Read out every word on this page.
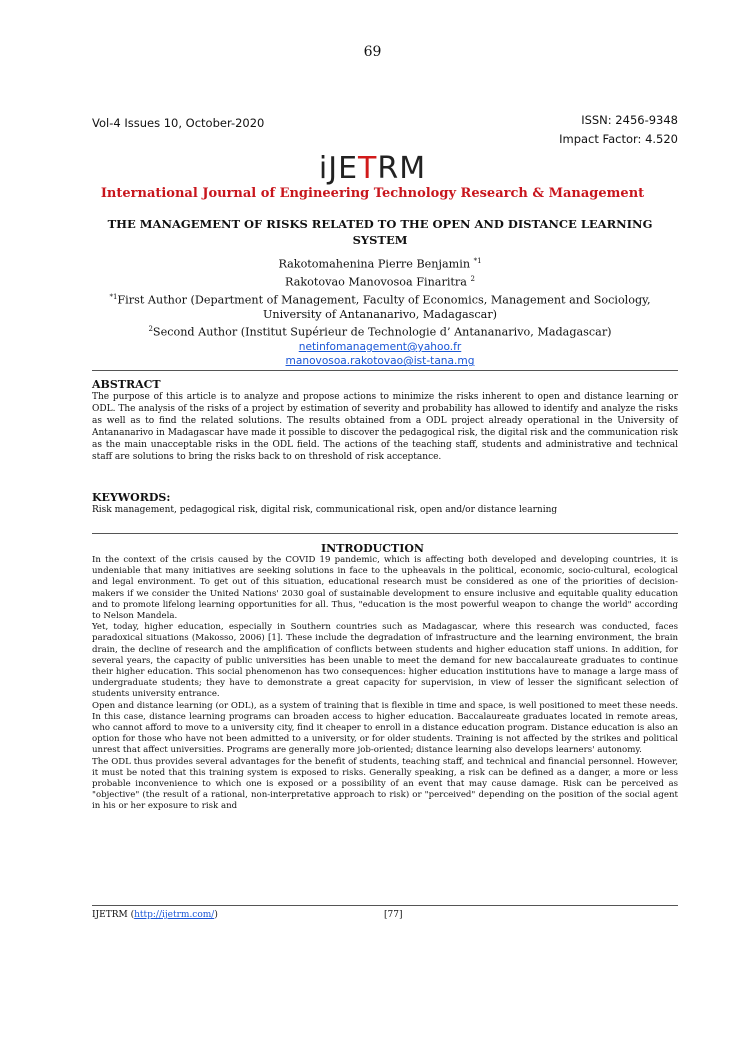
69
Vol-4 Issues 10, October-2020	ISSN: 2456-9348
Impact Factor: 4.520
iJETRM
International Journal of Engineering Technology Research & Management
THE MANAGEMENT OF RISKS RELATED TO THE OPEN AND DISTANCE LEARNING SYSTEM
Rakotomahenina Pierre Benjamin $^{*1}$
Rakotovao Manovosoa Finaritra $^2$
$^{*1}$First Author (Department of Management, Faculty of Economics, Management and Sociology, University of Antananarivo, Madagascar)
$^2$Second Author (Institut Supérieur de Technologie d’ Antananarivo, Madagascar)
netinfomanagement@yahoo.fr
manovosoa.rakotovao@ist-tana.mg
ABSTRACT
The purpose of this article is to analyze and propose actions to minimize the risks inherent to open and distance learning or ODL. The analysis of the risks of a project by estimation of severity and probability has allowed to identify and analyze the risks as well as to find the related solutions. The results obtained from a ODL project already operational in the University of Antananarivo in Madagascar have made it possible to discover the pedagogical risk, the digital risk and the communication risk as the main unacceptable risks in the ODL field. The actions of the teaching staff, students and administrative and technical staff are solutions to bring the risks back to on threshold of risk acceptance.
KEYWORDS:
Risk management, pedagogical risk, digital risk, communicational risk, open and/or distance learning
INTRODUCTION

In the context of the crisis caused by the COVID 19 pandemic, which is affecting both developed and developing countries, it is undeniable that many initiatives are seeking solutions in face to the upheavals in the political, economic, socio-cultural, ecological and legal environment. To get out of this situation, educational research must be considered as one of the priorities of decision-makers if we consider the United Nations' 2030 goal of sustainable development to ensure inclusive and equitable quality education and to promote lifelong learning opportunities for all. Thus, "education is the most powerful weapon to change the world" according to Nelson Mandela.

Yet, today, higher education, especially in Southern countries such as Madagascar, where this research was conducted, faces paradoxical situations (Makosso, 2006) [1]. These include the degradation of infrastructure and the learning environment, the brain drain, the decline of research and the amplification of conflicts between students and higher education staff unions. In addition, for several years, the capacity of public universities has been unable to meet the demand for new baccalaureate graduates to continue their higher education. This social phenomenon has two consequences: higher education institutions have to manage a large mass of undergraduate students; they have to demonstrate a great capacity for supervision, in view of lesser the significant selection of students university entrance.

Open and distance learning (or ODL), as a system of training that is flexible in time and space, is well positioned to meet these needs. In this case, distance learning programs can broaden access to higher education. Baccalaureate graduates located in remote areas, who cannot afford to move to a university city, find it cheaper to enroll in a distance education program. Distance education is also an option for those who have not been admitted to a university, or for older students. Training is not affected by the strikes and political unrest that affect universities. Programs are generally more job-oriented; distance learning also develops learners' autonomy.

The ODL thus provides several advantages for the benefit of students, teaching staff, and technical and financial personnel. However, it must be noted that this training system is exposed to risks. Generally speaking, a risk can be defined as a danger, a more or less probable inconvenience to which one is exposed or a possibility of an event that may cause damage. Risk can be perceived as "objective" (the result of a rational, non-interpretative approach to risk) or "perceived" depending on the position of the social agent in his or her exposure to risk and

IJETRM (http://ijetrm.com/)	[77]
